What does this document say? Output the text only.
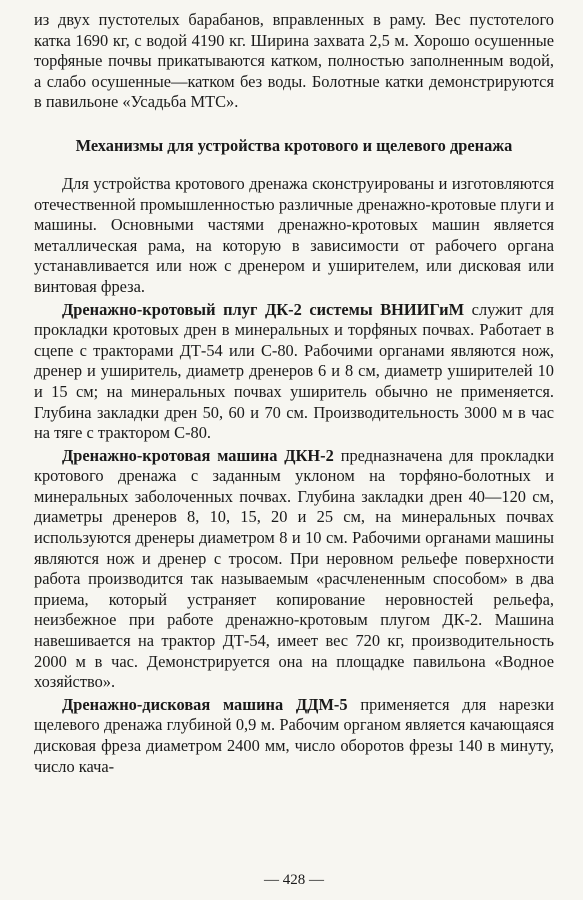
из двух пустотелых барабанов, вправленных в раму. Вес пустотелого катка 1690 кг, с водой 4190 кг. Ширина захвата 2,5 м. Хорошо осушенные торфяные почвы прикатываются катком, полностью заполненным водой, а слабо осушенные—катком без воды. Болотные катки демонстрируются в павильоне «Усадьба МТС».

Механизмы для устройства кротового и щелевого дренажа

Для устройства кротового дренажа сконструированы и изготовляются отечественной промышленностью различные дренажно-кротовые плуги и машины. Основными частями дренажно-кротовых машин является металлическая рама, на которую в зависимости от рабочего органа устанавливается или нож с дренером и уширителем, или дисковая или винтовая фреза.

Дренажно-кротовый плуг ДК-2 системы ВНИИГиМ служит для прокладки кротовых дрен в минеральных и торфяных почвах. Работает в сцепе с тракторами ДТ-54 или С-80. Рабочими органами являются нож, дренер и уширитель, диаметр дренеров 6 и 8 см, диаметр уширителей 10 и 15 см; на минеральных почвах уширитель обычно не применяется. Глубина закладки дрен 50, 60 и 70 см. Производительность 3000 м в час на тяге с трактором С-80.

Дренажно-кротовая машина ДКН-2 предназначена для прокладки кротового дренажа с заданным уклоном на торфяно-болотных и минеральных заболоченных почвах. Глубина закладки дрен 40—120 см, диаметры дренеров 8, 10, 15, 20 и 25 см, на минеральных почвах используются дренеры диаметром 8 и 10 см. Рабочими органами машины являются нож и дренер с тросом. При неровном рельефе поверхности работа производится так называемым «расчлененным способом» в два приема, который устраняет копирование неровностей рельефа, неизбежное при работе дренажно-кротовым плугом ДК-2. Машина навешивается на трактор ДТ-54, имеет вес 720 кг, производительность 2000 м в час. Демонстрируется она на площадке павильона «Водное хозяйство».

Дренажно-дисковая машина ДДМ-5 применяется для нарезки щелевого дренажа глубиной 0,9 м. Рабочим органом является качающаяся дисковая фреза диаметром 2400 мм, число оборотов фрезы 140 в минуту, число кача-

— 428 —
